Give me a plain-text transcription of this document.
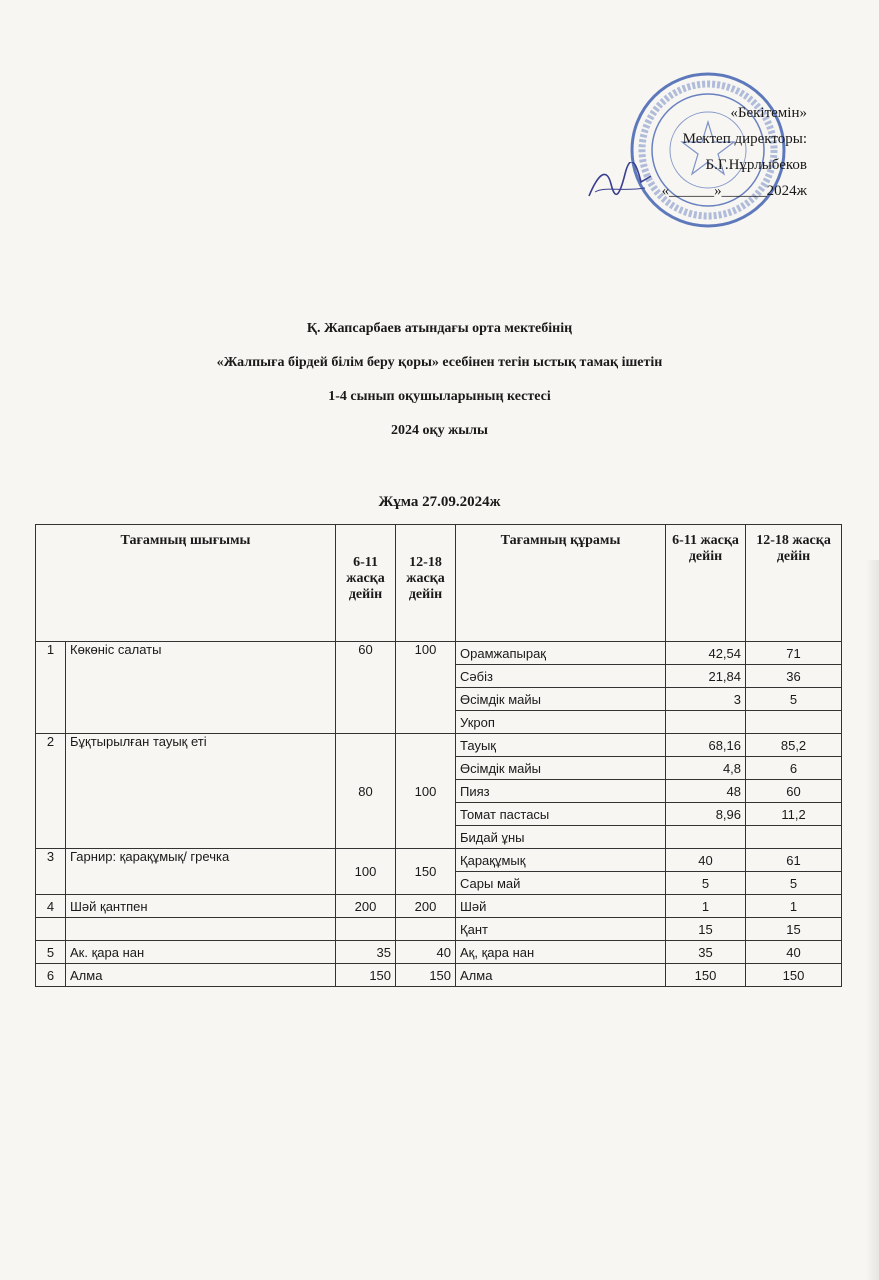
«Бекітемін»
Мектеп директоры:
Б.Г.Нұрлыбеков
«______»______2024ж
Қ. Жапсарбаев атындағы орта мектебінің
«Жалпыға бірдей білім беру қоры» есебінен тегін ыстық тамақ ішетін
1-4 сынып оқушыларының кестесі
2024 оқу жылы
Жұма 27.09.2024ж
Тағамның шығымы		6-11 жасқа дейін	12-18 жасқа дейін	Тағамның құрамы	6-11 жасқа дейін	12-18 жасқа дейін
1	Көкөніс салаты	60	100	Орамжапырақ	42,54	71
				Сәбіз	21,84	36
				Өсімдік майы	3	5
				Укроп		
2	Бұқтырылған тауық еті	80	100	Тауық	68,16	85,2
				Өсімдік майы	4,8	6
				Пияз	48	60
				Томат пастасы	8,96	11,2
				Бидай ұны		
3	Гарнир: қарақұмық/ гречка	100	150	Қарақұмық	40	61
				Сары май	5	5
4	Шәй қантпен	200	200	Шәй	1	1
				Қант	15	15
5	Ак. қара нан	35	40	Ақ, қара нан	35	40
6	Алма	150	150	Алма	150	150
